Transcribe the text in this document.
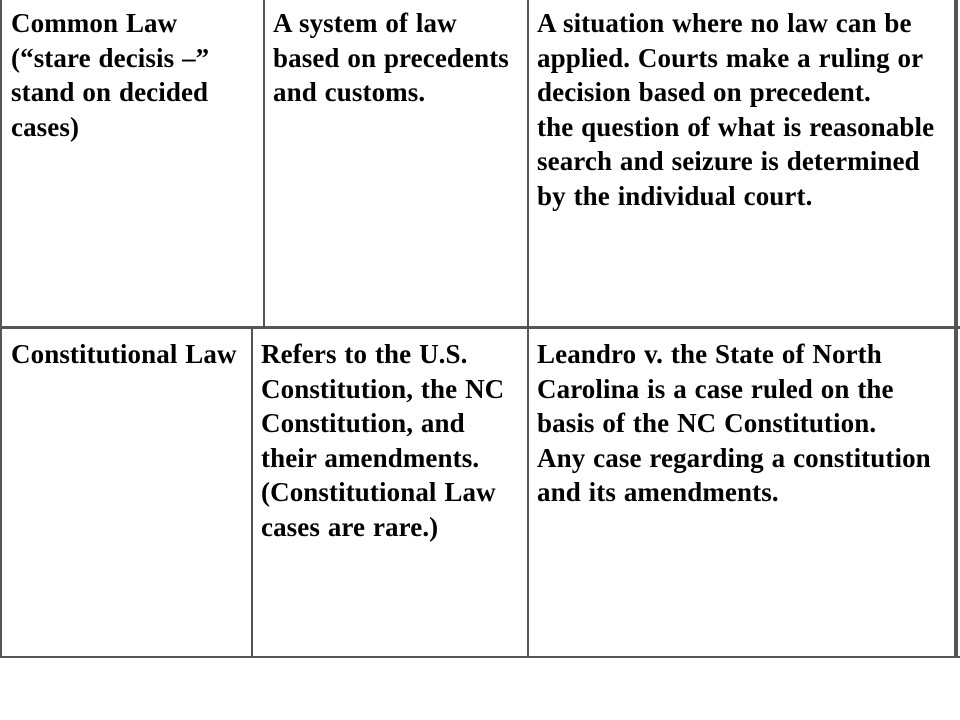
Common Law (“stare decisis –” stand on decided cases)

A system of law based on precedents and customs.

A situation where no law can be applied. Courts make a ruling or decision based on precedent.

the question of what is reasonable search and seizure is determined by the individual court.

Constitutional Law Refers to the U.S. Constitution, the NC Constitution, and their amendments. (Constitutional Law cases are rare.)

Leandro v. the State of North Carolina is a case ruled on the basis of the NC Constitution.

Any case regarding a constitution and its amendments.
